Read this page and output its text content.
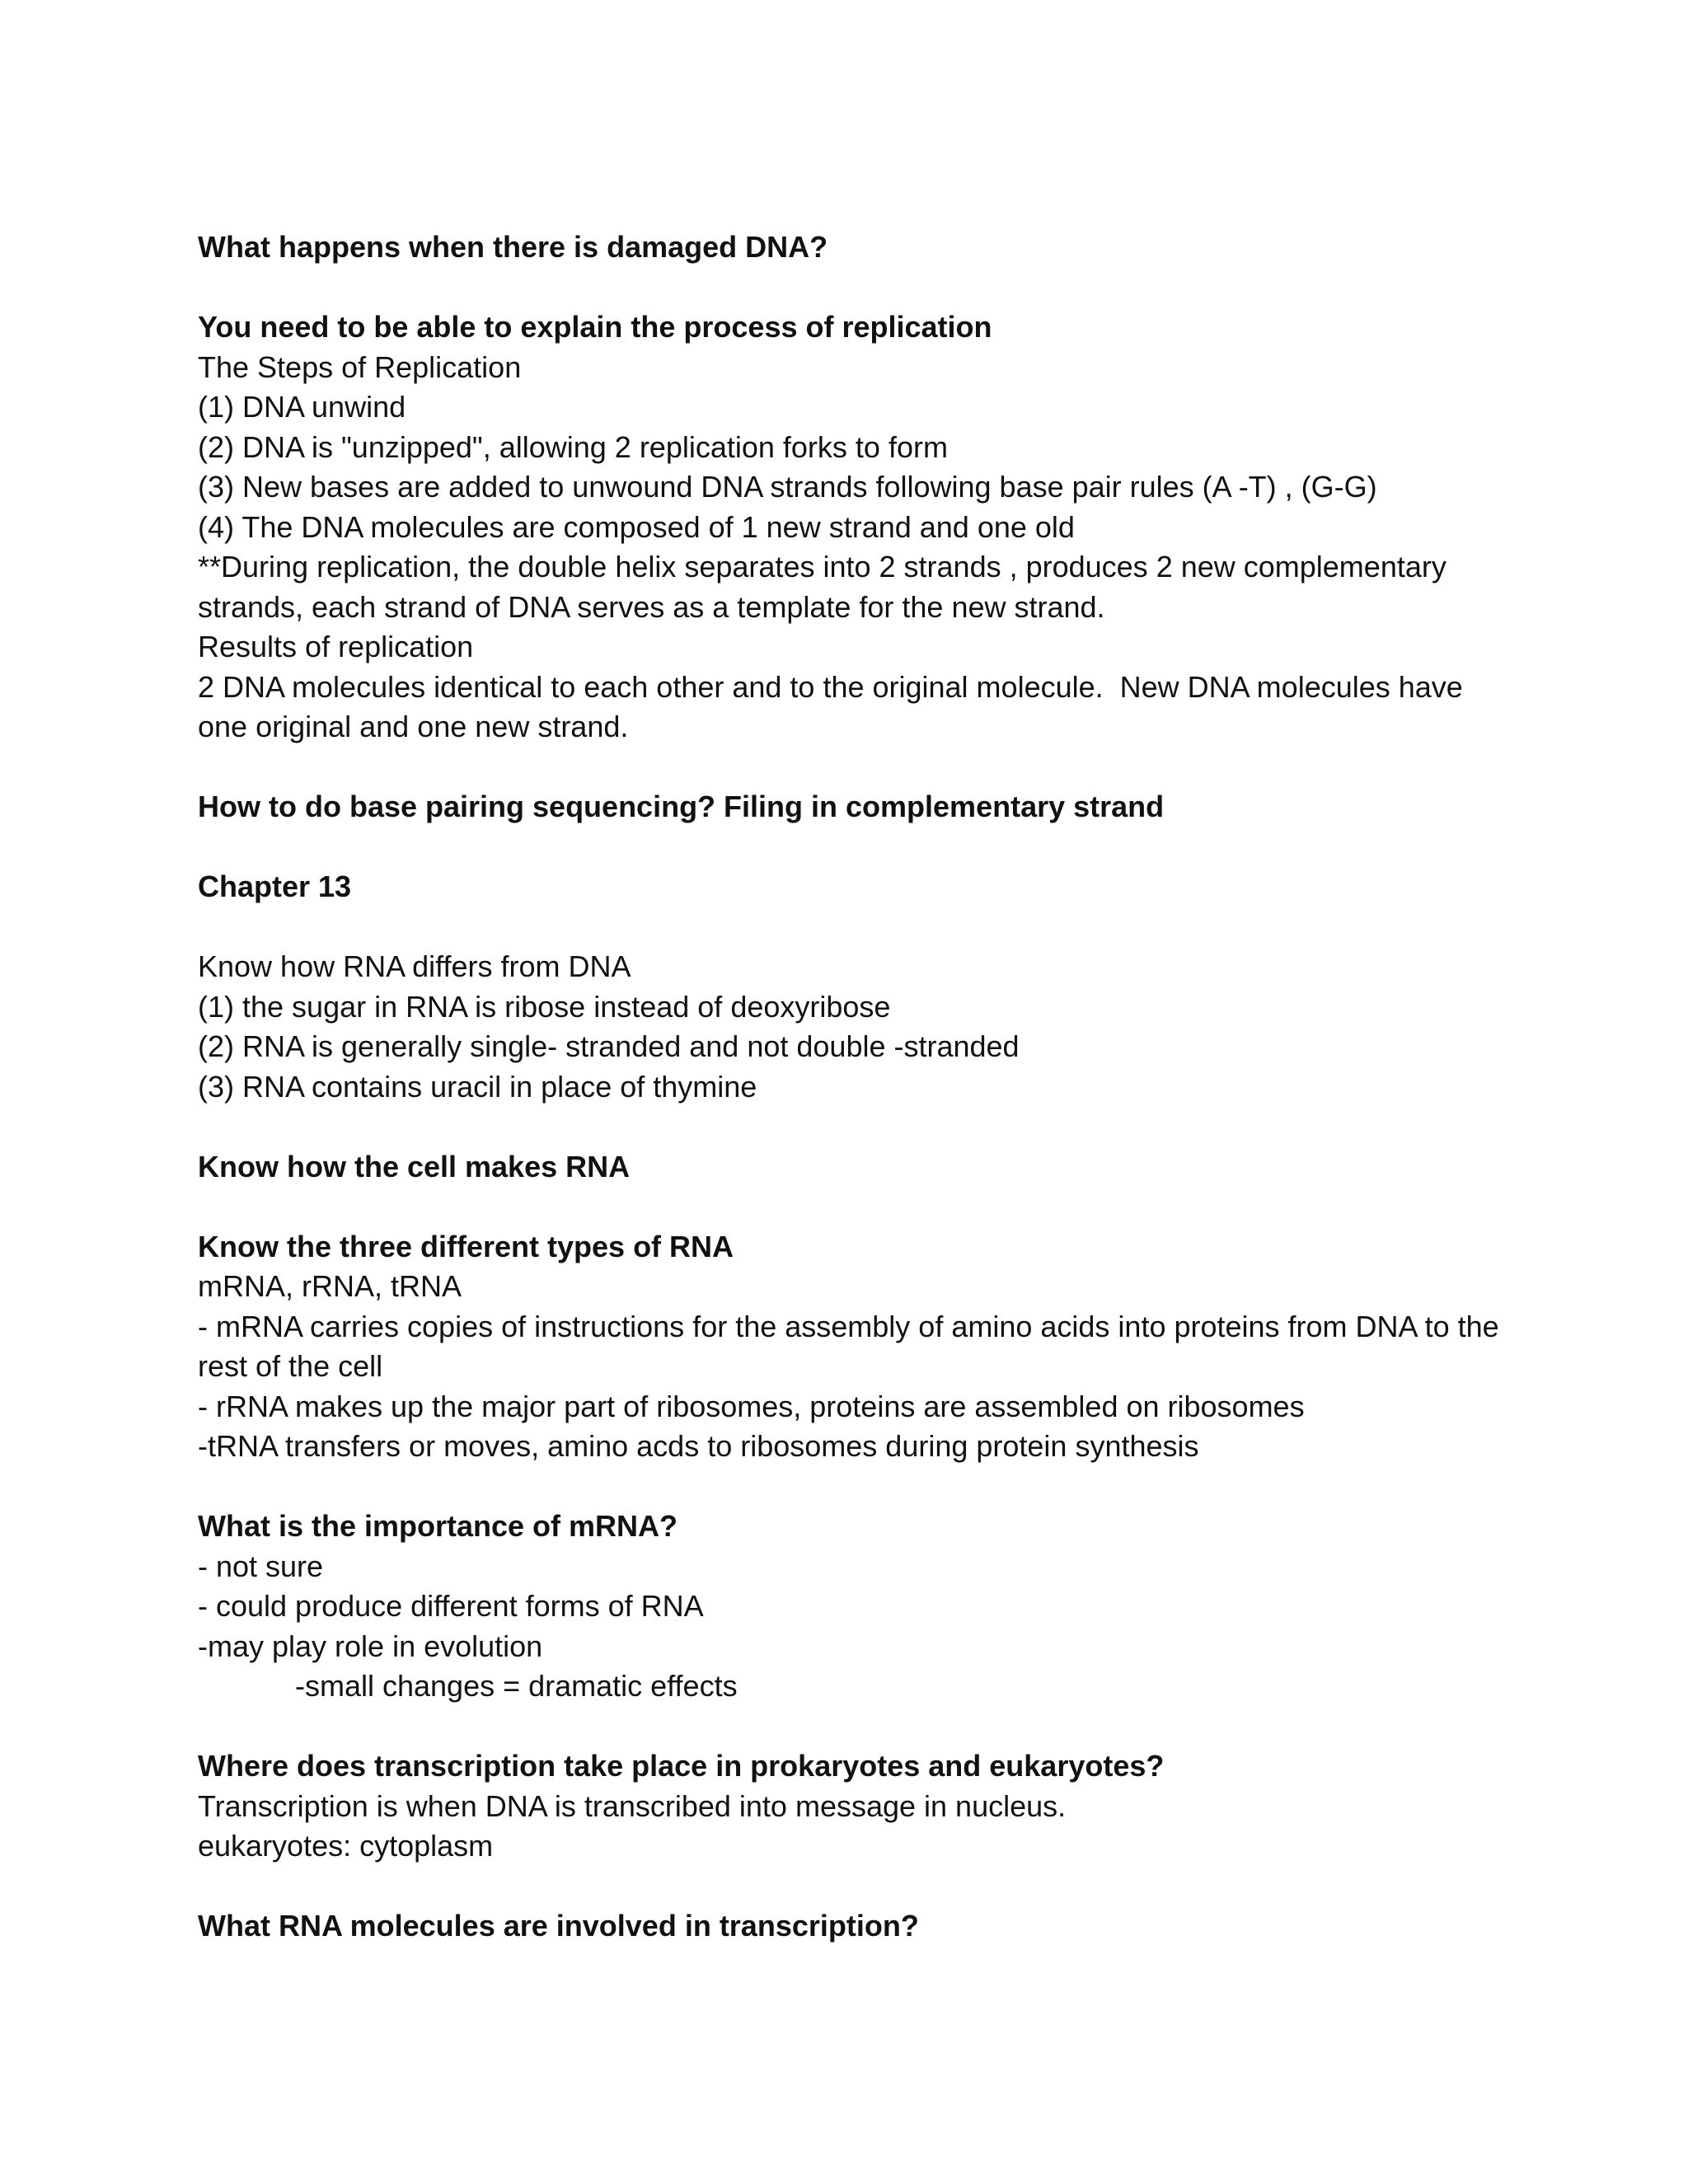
What happens when there is damaged DNA?
You need to be able to explain the process of replication
The Steps of Replication
(1) DNA unwind
(2) DNA is "unzipped", allowing 2 replication forks to form
(3) New bases are added to unwound DNA strands following base pair rules (A -T) , (G-G)
(4) The DNA molecules are composed of 1 new strand and one old
**During replication, the double helix separates into 2 strands , produces 2 new complementary strands, each strand of DNA serves as a template for the new strand.
Results of replication
2 DNA molecules identical to each other and to the original molecule.  New DNA molecules have one original and one new strand.
How to do base pairing sequencing? Filing in complementary strand
Chapter 13
Know how RNA differs from DNA
(1) the sugar in RNA is ribose instead of deoxyribose
(2) RNA is generally single- stranded and not double -stranded
(3) RNA contains uracil in place of thymine
Know how the cell makes RNA
Know the three different types of RNA
mRNA, rRNA, tRNA
- mRNA carries copies of instructions for the assembly of amino acids into proteins from DNA to the rest of the cell
- rRNA makes up the major part of ribosomes, proteins are assembled on ribosomes
-tRNA transfers or moves, amino acds to ribosomes during protein synthesis
What is the importance of mRNA?
- not sure
- could produce different forms of RNA
-may play role in evolution
-small changes = dramatic effects
Where does transcription take place in prokaryotes and eukaryotes?
Transcription is when DNA is transcribed into message in nucleus.
eukaryotes: cytoplasm
What RNA molecules are involved in transcription?
